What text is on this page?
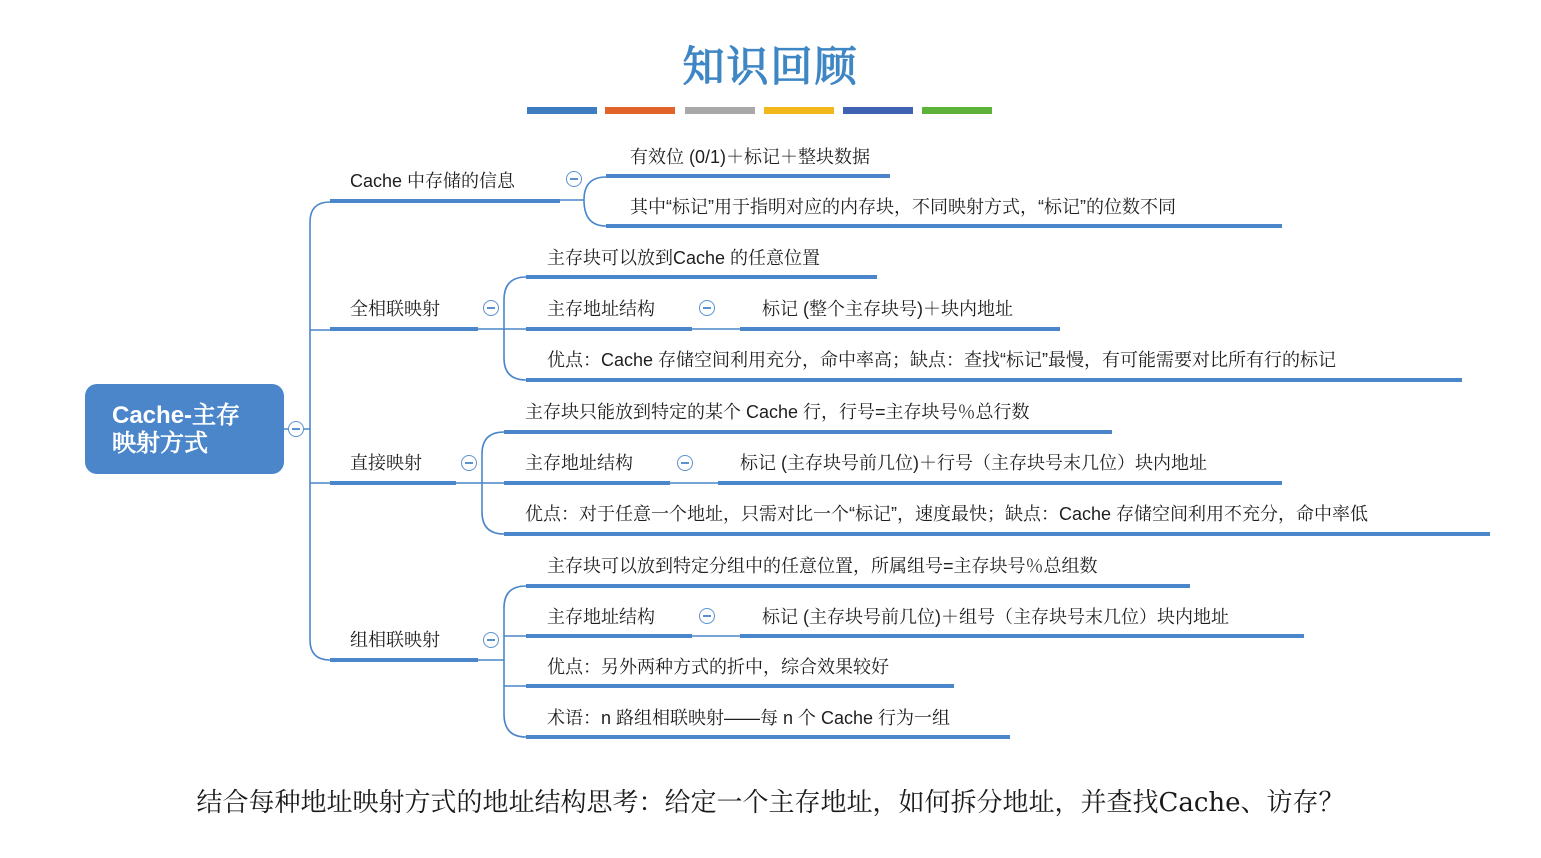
知识回顾
Cache-主存
映射方式
Cache 中存储的信息
有效位 (0/1)＋标记＋整块数据
其中“标记”用于指明对应的内存块，不同映射方式，“标记”的位数不同
全相联映射
主存块可以放到Cache 的任意位置
主存地址结构	标记 (整个主存块号)＋块内地址
优点：Cache 存储空间利用充分，命中率高；缺点：查找“标记”最慢，有可能需要对比所有行的标记
直接映射
主存块只能放到特定的某个 Cache 行，行号=主存块号％总行数
主存地址结构	标记 (主存块号前几位)＋行号（主存块号末几位）块内地址
优点：对于任意一个地址，只需对比一个“标记”，速度最快；缺点：Cache 存储空间利用不充分，命中率低
组相联映射
主存块可以放到特定分组中的任意位置，所属组号=主存块号％总组数
主存地址结构	标记 (主存块号前几位)＋组号（主存块号末几位）块内地址
优点：另外两种方式的折中，综合效果较好
术语：n 路组相联映射——每 n 个 Cache 行为一组
结合每种地址映射方式的地址结构思考：给定一个主存地址，如何拆分地址，并查找Cache、访存？
